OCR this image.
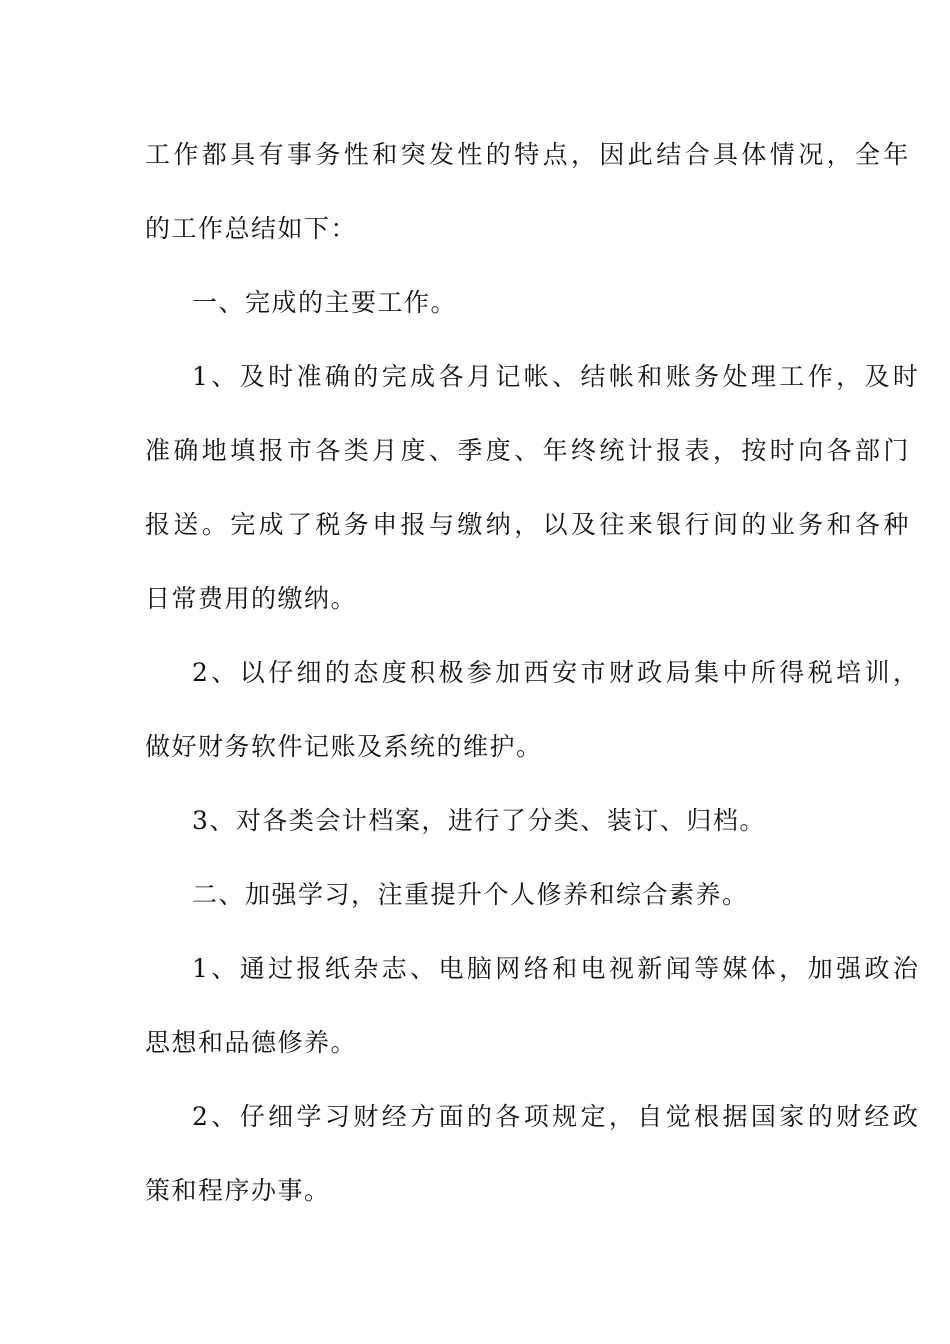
工作都具有事务性和突发性的特点，因此结合具体情况，全年
的工作总结如下：
一、完成的主要工作。
1、及时准确的完成各月记帐、结帐和账务处理工作，及时
准确地填报市各类月度、季度、年终统计报表，按时向各部门
报送。完成了税务申报与缴纳，以及往来银行间的业务和各种
日常费用的缴纳。
2、以仔细的态度积极参加西安市财政局集中所得税培训，
做好财务软件记账及系统的维护。
3、对各类会计档案，进行了分类、装订、归档。
二、加强学习，注重提升个人修养和综合素养。
1、通过报纸杂志、电脑网络和电视新闻等媒体，加强政治
思想和品德修养。
2、仔细学习财经方面的各项规定，自觉根据国家的财经政
策和程序办事。
